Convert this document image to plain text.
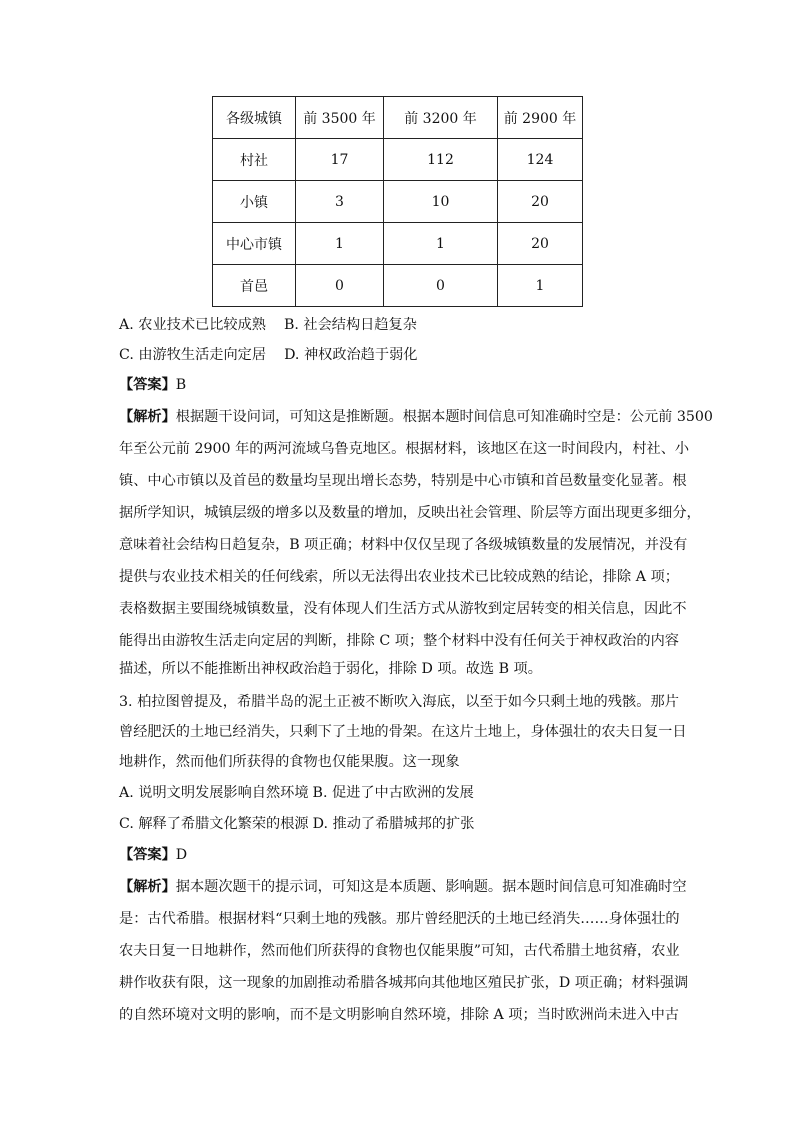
各级城镇	前 3500 年	前 3200 年	前 2900 年
村社	17	112	124
小镇	3	10	20
中心市镇	1	1	20
首邑	0	0	1
A. 农业技术已比较成熟 B. 社会结构日趋复杂
C. 由游牧生活走向定居 D. 神权政治趋于弱化
【答案】B
【解析】根据题干设问词，可知这是推断题。根据本题时间信息可知准确时空是：公元前 3500
年至公元前 2900 年的两河流域乌鲁克地区。根据材料，该地区在这一时间段内，村社、小
镇、中心市镇以及首邑的数量均呈现出增长态势，特别是中心市镇和首邑数量变化显著。根
据所学知识，城镇层级的增多以及数量的增加，反映出社会管理、阶层等方面出现更多细分，
意味着社会结构日趋复杂，B 项正确；材料中仅仅呈现了各级城镇数量的发展情况，并没有
提供与农业技术相关的任何线索，所以无法得出农业技术已比较成熟的结论，排除 A 项；
表格数据主要围绕城镇数量，没有体现人们生活方式从游牧到定居转变的相关信息，因此不
能得出由游牧生活走向定居的判断，排除 C 项；整个材料中没有任何关于神权政治的内容
描述，所以不能推断出神权政治趋于弱化，排除 D 项。故选 B 项。
3. 柏拉图曾提及，希腊半岛的泥土正被不断吹入海底，以至于如今只剩土地的残骸。那片
曾经肥沃的土地已经消失，只剩下了土地的骨架。在这片土地上，身体强壮的农夫日复一日
地耕作，然而他们所获得的食物也仅能果腹。这一现象
A. 说明文明发展影响自然环境 B. 促进了中古欧洲的发展
C. 解释了希腊文化繁荣的根源 D. 推动了希腊城邦的扩张
【答案】D
【解析】据本题次题干的提示词，可知这是本质题、影响题。据本题时间信息可知准确时空
是：古代希腊。根据材料“只剩土地的残骸。那片曾经肥沃的土地已经消失……身体强壮的
农夫日复一日地耕作，然而他们所获得的食物也仅能果腹”可知，古代希腊土地贫瘠，农业
耕作收获有限，这一现象的加剧推动希腊各城邦向其他地区殖民扩张，D 项正确；材料强调
的自然环境对文明的影响，而不是文明影响自然环境，排除 A 项；当时欧洲尚未进入中古
